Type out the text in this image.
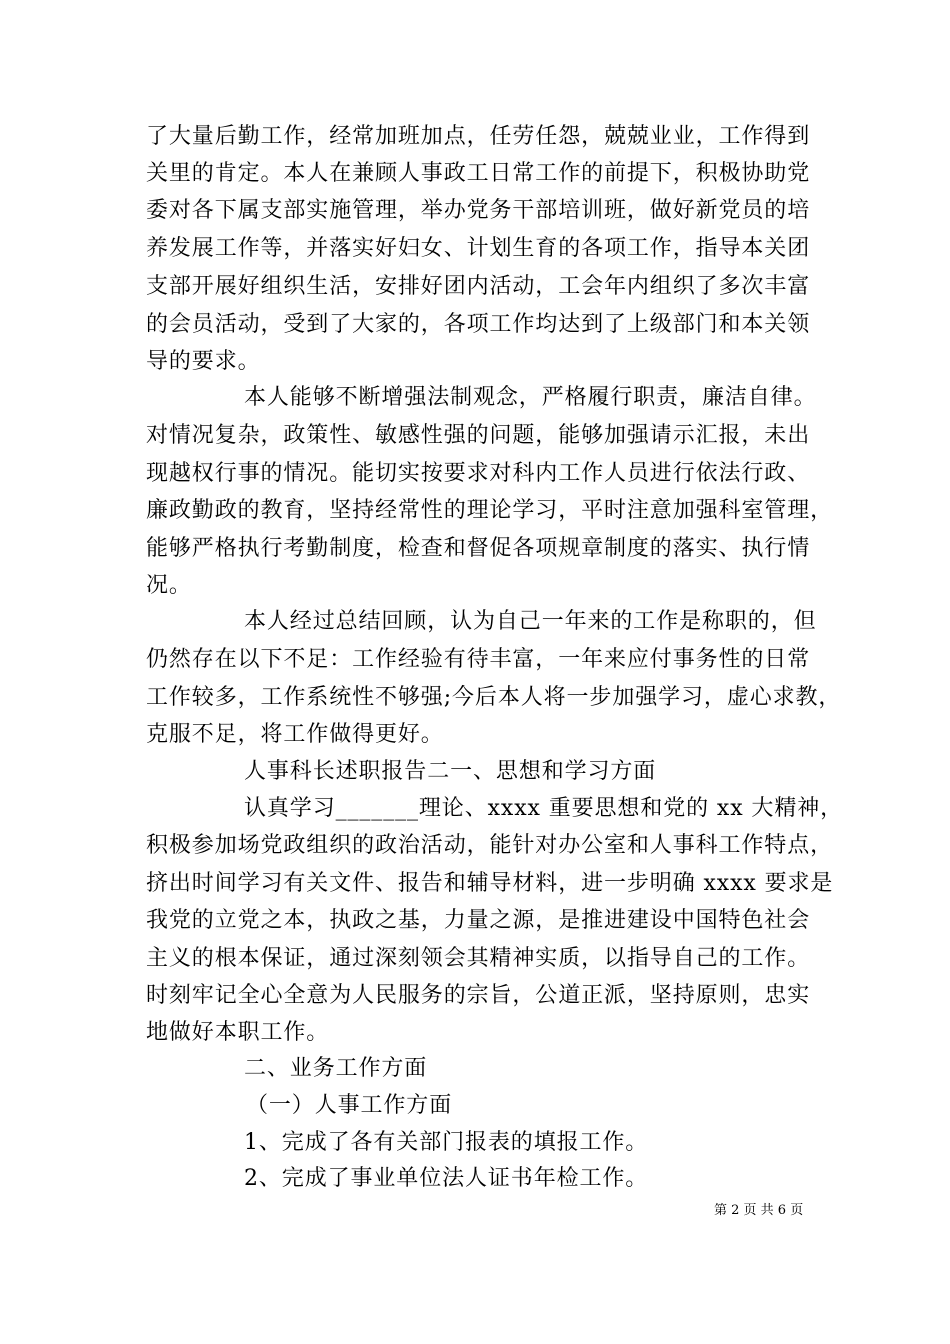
了大量后勤工作，经常加班加点，任劳任怨，兢兢业业，工作得到
关里的肯定。本人在兼顾人事政工日常工作的前提下，积极协助党
委对各下属支部实施管理，举办党务干部培训班，做好新党员的培
养发展工作等，并落实好妇女、计划生育的各项工作，指导本关团
支部开展好组织生活，安排好团内活动，工会年内组织了多次丰富
的会员活动，受到了大家的，各项工作均达到了上级部门和本关领
导的要求。
本人能够不断增强法制观念，严格履行职责，廉洁自律。
对情况复杂，政策性、敏感性强的问题，能够加强请示汇报，未出
现越权行事的情况。能切实按要求对科内工作人员进行依法行政、
廉政勤政的教育，坚持经常性的理论学习，平时注意加强科室管理，
能够严格执行考勤制度，检查和督促各项规章制度的落实、执行情
况。
本人经过总结回顾，认为自己一年来的工作是称职的，但
仍然存在以下不足：工作经验有待丰富，一年来应付事务性的日常
工作较多，工作系统性不够强;今后本人将一步加强学习，虚心求教，
克服不足，将工作做得更好。
人事科长述职报告二一、思想和学习方面
认真学习_______理论、xxxx 重要思想和党的 xx 大精神，
积极参加场党政组织的政治活动，能针对办公室和人事科工作特点，
挤出时间学习有关文件、报告和辅导材料，进一步明确 xxxx 要求是
我党的立党之本，执政之基，力量之源，是推进建设中国特色社会
主义的根本保证，通过深刻领会其精神实质，以指导自己的工作。
时刻牢记全心全意为人民服务的宗旨，公道正派，坚持原则，忠实
地做好本职工作。
二、业务工作方面
（一）人事工作方面
1、完成了各有关部门报表的填报工作。
2、完成了事业单位法人证书年检工作。
第 2 页 共 6 页
